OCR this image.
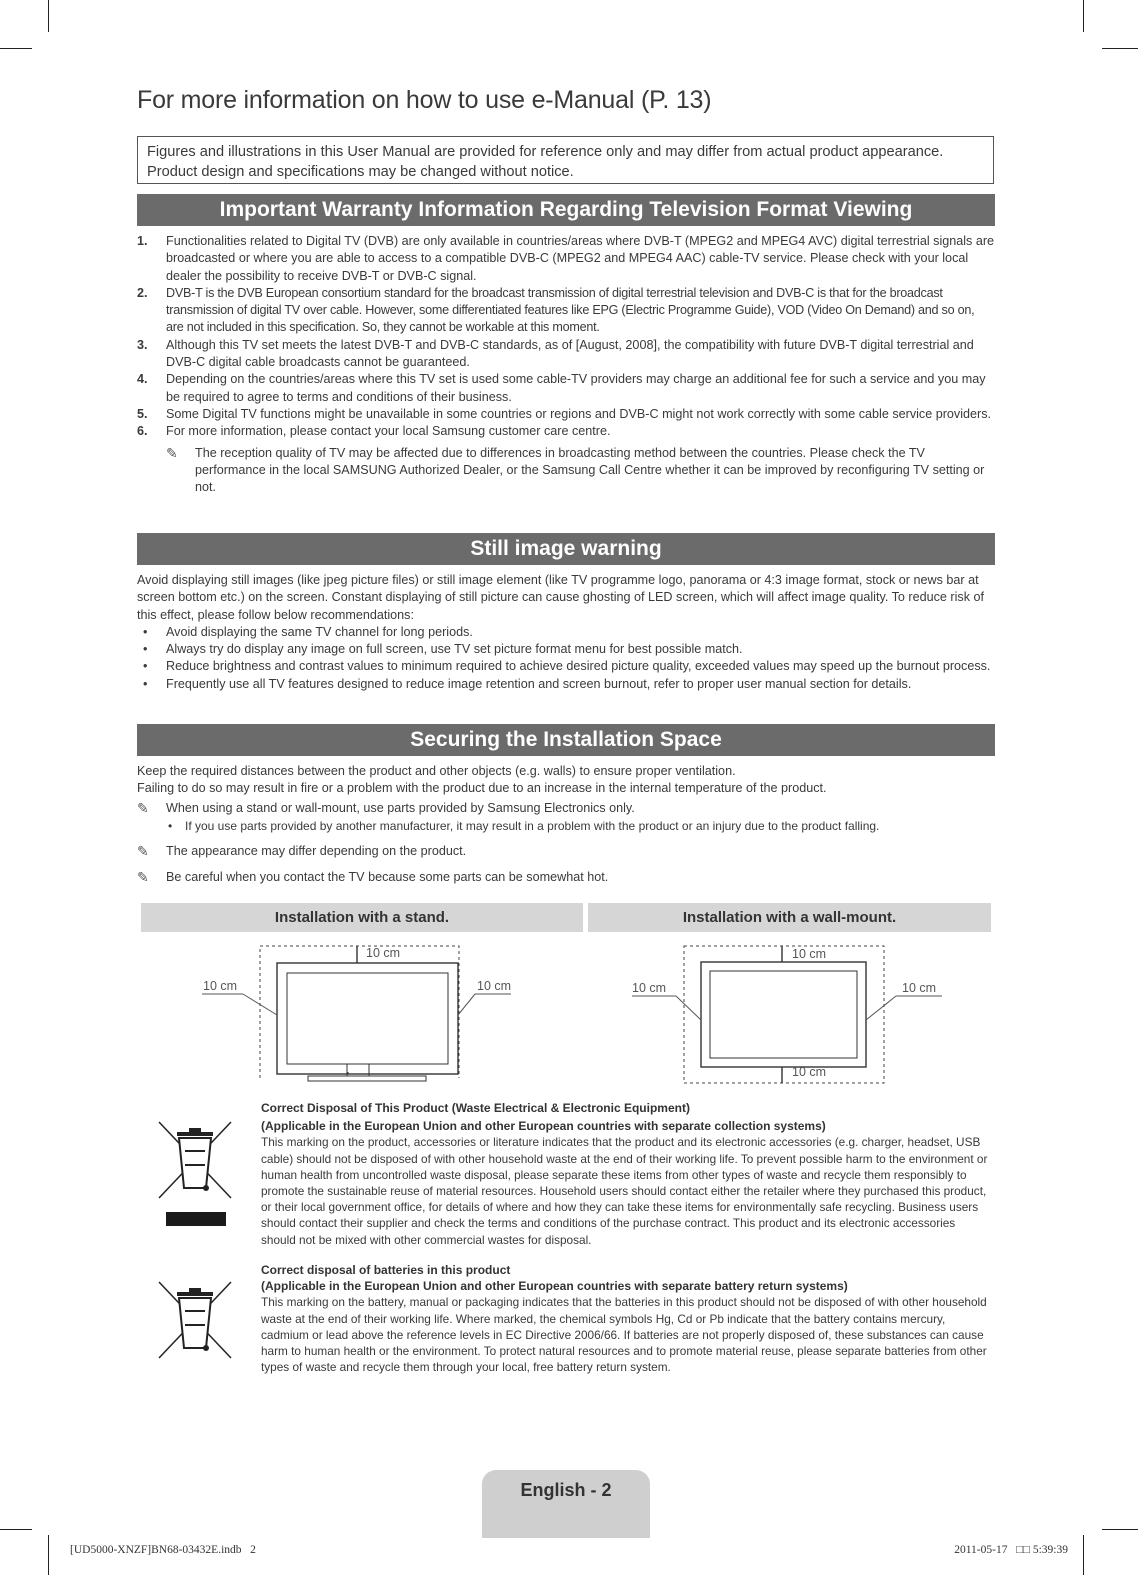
For more information on how to use e-Manual (P. 13)
Figures and illustrations in this User Manual are provided for reference only and may differ from actual product appearance.
Product design and specifications may be changed without notice.
Important Warranty Information Regarding Television Format Viewing
1. Functionalities related to Digital TV (DVB) are only available in countries/areas where DVB-T (MPEG2 and MPEG4 AVC) digital terrestrial signals are broadcasted or where you are able to access to a compatible DVB-C (MPEG2 and MPEG4 AAC) cable-TV service. Please check with your local dealer the possibility to receive DVB-T or DVB-C signal.
2. DVB-T is the DVB European consortium standard for the broadcast transmission of digital terrestrial television and DVB-C is that for the broadcast transmission of digital TV over cable. However, some differentiated features like EPG (Electric Programme Guide), VOD (Video On Demand) and so on, are not included in this specification. So, they cannot be workable at this moment.
3. Although this TV set meets the latest DVB-T and DVB-C standards, as of [August, 2008], the compatibility with future DVB-T digital terrestrial and DVB-C digital cable broadcasts cannot be guaranteed.
4. Depending on the countries/areas where this TV set is used some cable-TV providers may charge an additional fee for such a service and you may be required to agree to terms and conditions of their business.
5. Some Digital TV functions might be unavailable in some countries or regions and DVB-C might not work correctly with some cable service providers.
6. For more information, please contact your local Samsung customer care centre.
✎ The reception quality of TV may be affected due to differences in broadcasting method between the countries. Please check the TV performance in the local SAMSUNG Authorized Dealer, or the Samsung Call Centre whether it can be improved by reconfiguring TV setting or not.
Still image warning
Avoid displaying still images (like jpeg picture files) or still image element (like TV programme logo, panorama or 4:3 image format, stock or news bar at screen bottom etc.) on the screen. Constant displaying of still picture can cause ghosting of LED screen, which will affect image quality. To reduce risk of this effect, please follow below recommendations:
• Avoid displaying the same TV channel for long periods.
• Always try do display any image on full screen, use TV set picture format menu for best possible match.
• Reduce brightness and contrast values to minimum required to achieve desired picture quality, exceeded values may speed up the burnout process.
• Frequently use all TV features designed to reduce image retention and screen burnout, refer to proper user manual section for details.
Securing the Installation Space
Keep the required distances between the product and other objects (e.g. walls) to ensure proper ventilation.
Failing to do so may result in fire or a problem with the product due to an increase in the internal temperature of the product.
✎ When using a stand or wall-mount, use parts provided by Samsung Electronics only.
• If you use parts provided by another manufacturer, it may result in a problem with the product or an injury due to the product falling.
✎ The appearance may differ depending on the product.
✎ Be careful when you contact the TV because some parts can be somewhat hot.
Installation with a stand.	Installation with a wall-mount.
10 cm
10 cm	10 cm
10 cm
10 cm	10 cm
10 cm
Correct Disposal of This Product (Waste Electrical & Electronic Equipment)
(Applicable in the European Union and other European countries with separate collection systems)
This marking on the product, accessories or literature indicates that the product and its electronic accessories (e.g. charger, headset, USB cable) should not be disposed of with other household waste at the end of their working life. To prevent possible harm to the environment or human health from uncontrolled waste disposal, please separate these items from other types of waste and recycle them responsibly to promote the sustainable reuse of material resources. Household users should contact either the retailer where they purchased this product, or their local government office, for details of where and how they can take these items for environmentally safe recycling. Business users should contact their supplier and check the terms and conditions of the purchase contract. This product and its electronic accessories should not be mixed with other commercial wastes for disposal.
Correct disposal of batteries in this product
(Applicable in the European Union and other European countries with separate battery return systems)
This marking on the battery, manual or packaging indicates that the batteries in this product should not be disposed of with other household waste at the end of their working life. Where marked, the chemical symbols Hg, Cd or Pb indicate that the battery contains mercury, cadmium or lead above the reference levels in EC Directive 2006/66. If batteries are not properly disposed of, these substances can cause harm to human health or the environment. To protect natural resources and to promote material reuse, please separate batteries from other types of waste and recycle them through your local, free battery return system.
English - 2
[UD5000-XNZF]BN68-03432E.indb   2	2011-05-17   □□ 5:39:39
